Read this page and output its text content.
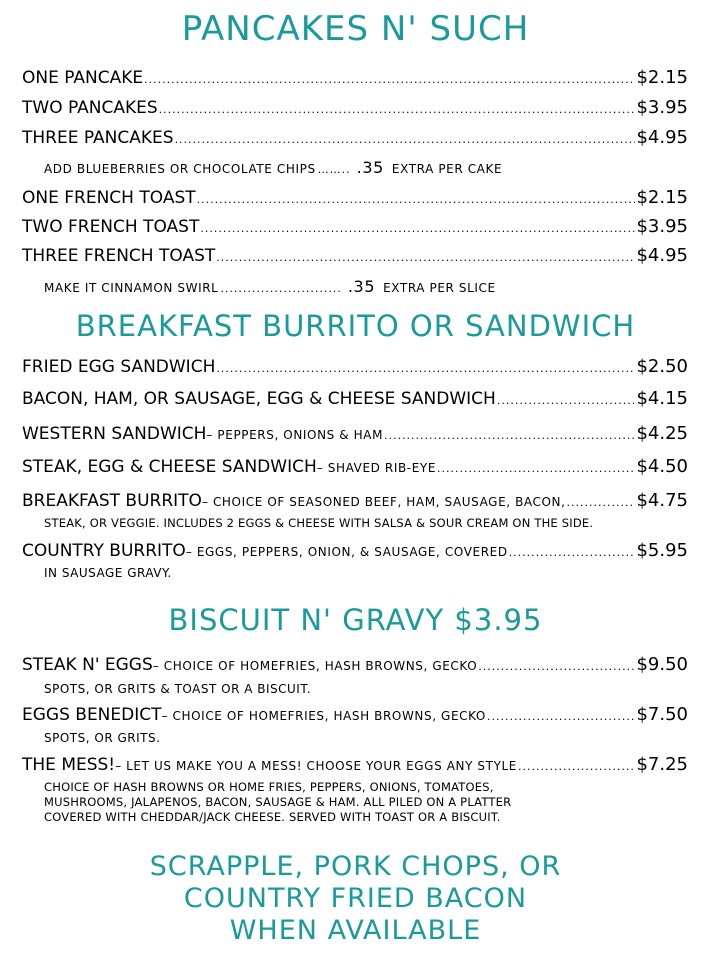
PANCAKES N' SUCH
ONE PANCAKE .....	$2.15
TWO PANCAKES .....	$3.95
THREE PANCAKES .....	$4.95
ADD BLUEBERRIES OR CHOCOLATE CHIPS …….. .35 EXTRA PER CAKE
ONE FRENCH TOAST .....	$2.15
TWO FRENCH TOAST .....	$3.95
THREE FRENCH TOAST .....	$4.95
MAKE IT CINNAMON SWIRL ........................... .35 EXTRA PER SLICE
BREAKFAST BURRITO OR SANDWICH
FRIED EGG SANDWICH .....	$2.50
BACON, HAM, OR SAUSAGE, EGG & CHEESE SANDWICH .....	$4.15
WESTERN SANDWICH – PEPPERS, ONIONS & HAM .....	$4.25
STEAK, EGG & CHEESE SANDWICH – SHAVED RIB-EYE .....	$4.50
BREAKFAST BURRITO – CHOICE OF SEASONED BEEF, HAM, SAUSAGE, BACON, .....	$4.75
STEAK, OR VEGGIE. INCLUDES 2 EGGS & CHEESE WITH SALSA & SOUR CREAM ON THE SIDE.
COUNTRY BURRITO – EGGS, PEPPERS, ONION, & SAUSAGE, COVERED .....	$5.95
IN SAUSAGE GRAVY.
BISCUIT N' GRAVY $3.95
STEAK N' EGGS – CHOICE OF HOMEFRIES, HASH BROWNS, GECKO .....	$9.50
SPOTS, OR GRITS & TOAST OR A BISCUIT.
EGGS BENEDICT – CHOICE OF HOMEFRIES, HASH BROWNS, GECKO .....	$7.50
SPOTS, OR GRITS.
THE MESS! – LET US MAKE YOU A MESS! CHOOSE YOUR EGGS ANY STYLE .....	$7.25
CHOICE OF HASH BROWNS OR HOME FRIES, PEPPERS, ONIONS, TOMATOES,
MUSHROOMS, JALAPENOS, BACON, SAUSAGE & HAM. ALL PILED ON A PLATTER
COVERED WITH CHEDDAR/JACK CHEESE. SERVED WITH TOAST OR A BISCUIT.
SCRAPPLE, PORK CHOPS, OR
COUNTRY FRIED BACON
WHEN AVAILABLE
